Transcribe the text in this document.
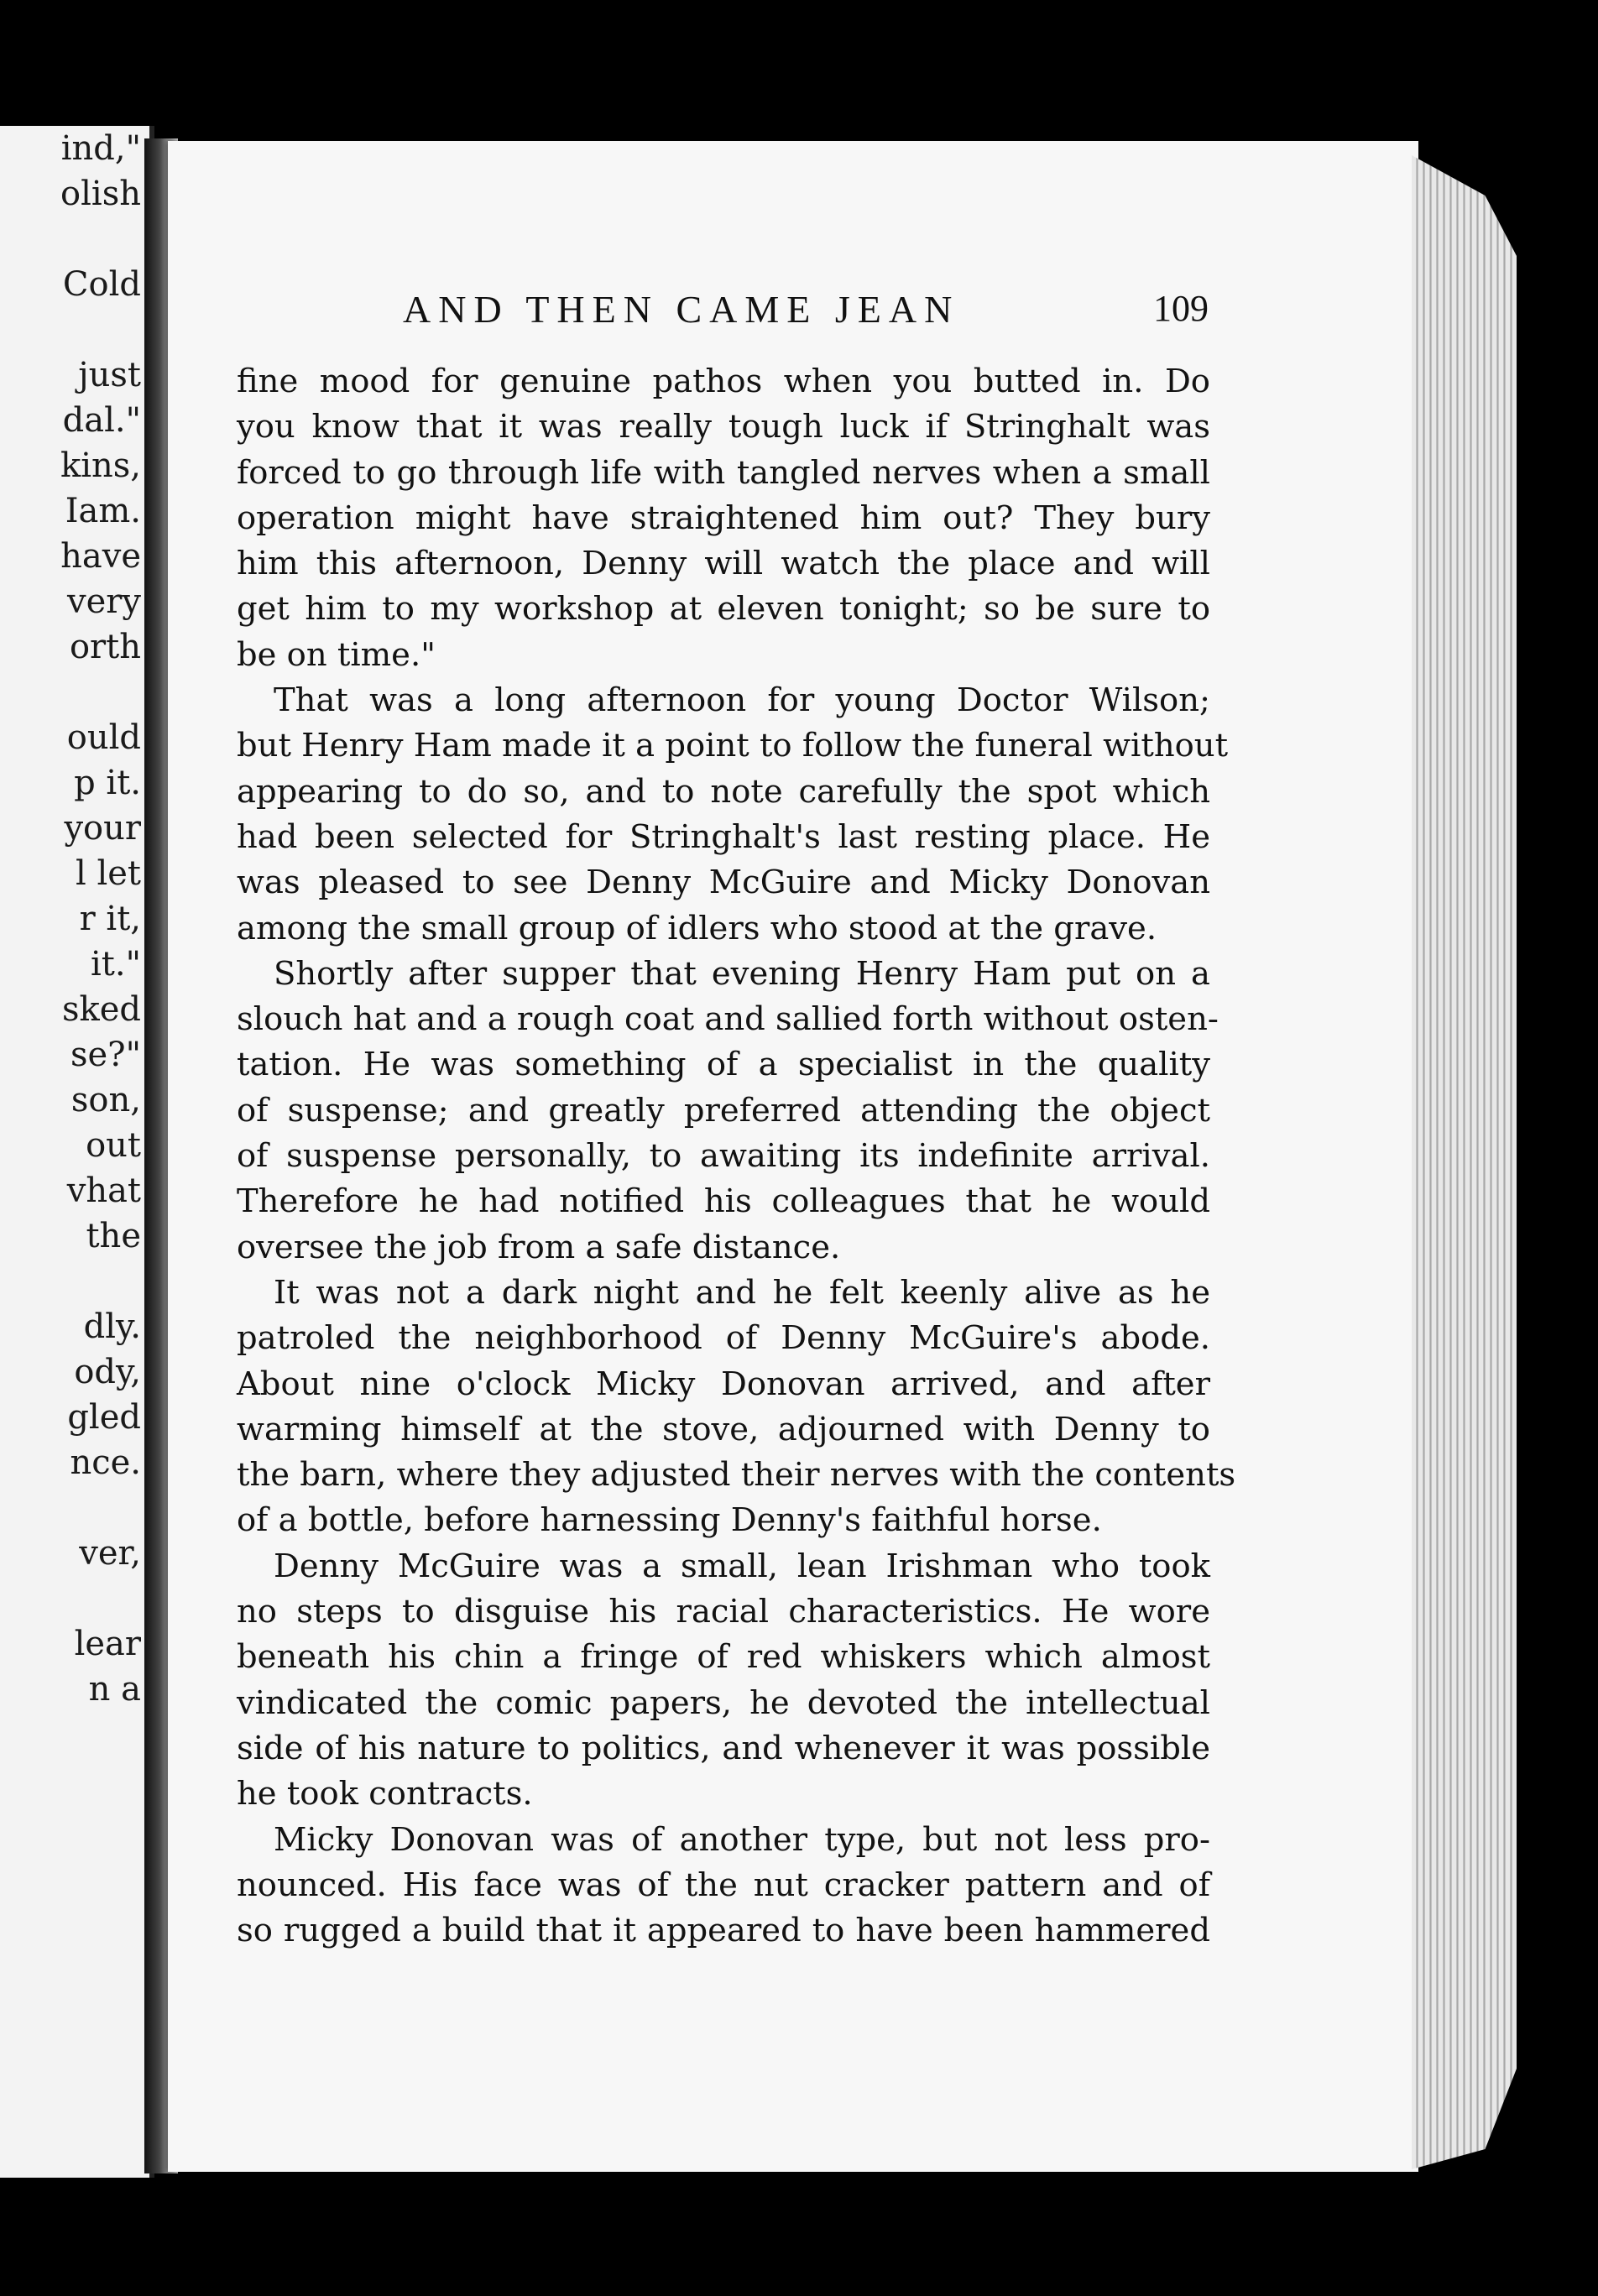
ind,"
olish
Cold
just
dal."
kins,
Iam.
have
very
orth
ould
p it.
your
l let
r it,
it."
sked
se?"
son,
out
vhat
the
dly.
ody,
gled
nce.
ver,
lear
n a
AND THEN CAME JEAN	109
fine mood for genuine pathos when you butted in. Do
you know that it was really tough luck if Stringhalt was
forced to go through life with tangled nerves when a small
operation might have straightened him out? They bury
him this afternoon, Denny will watch the place and will
get him to my workshop at eleven tonight; so be sure to
be on time."
That was a long afternoon for young Doctor Wilson;
but Henry Ham made it a point to follow the funeral without
appearing to do so, and to note carefully the spot which
had been selected for Stringhalt's last resting place. He
was pleased to see Denny McGuire and Micky Donovan
among the small group of idlers who stood at the grave.
Shortly after supper that evening Henry Ham put on a
slouch hat and a rough coat and sallied forth without osten-
tation. He was something of a specialist in the quality
of suspense; and greatly preferred attending the object
of suspense personally, to awaiting its indefinite arrival.
Therefore he had notified his colleagues that he would
oversee the job from a safe distance.
It was not a dark night and he felt keenly alive as he
patroled the neighborhood of Denny McGuire's abode.
About nine o'clock Micky Donovan arrived, and after
warming himself at the stove, adjourned with Denny to
the barn, where they adjusted their nerves with the contents
of a bottle, before harnessing Denny's faithful horse.
Denny McGuire was a small, lean Irishman who took
no steps to disguise his racial characteristics. He wore
beneath his chin a fringe of red whiskers which almost
vindicated the comic papers, he devoted the intellectual
side of his nature to politics, and whenever it was possible
he took contracts.
Micky Donovan was of another type, but not less pro-
nounced. His face was of the nut cracker pattern and of
so rugged a build that it appeared to have been hammered
